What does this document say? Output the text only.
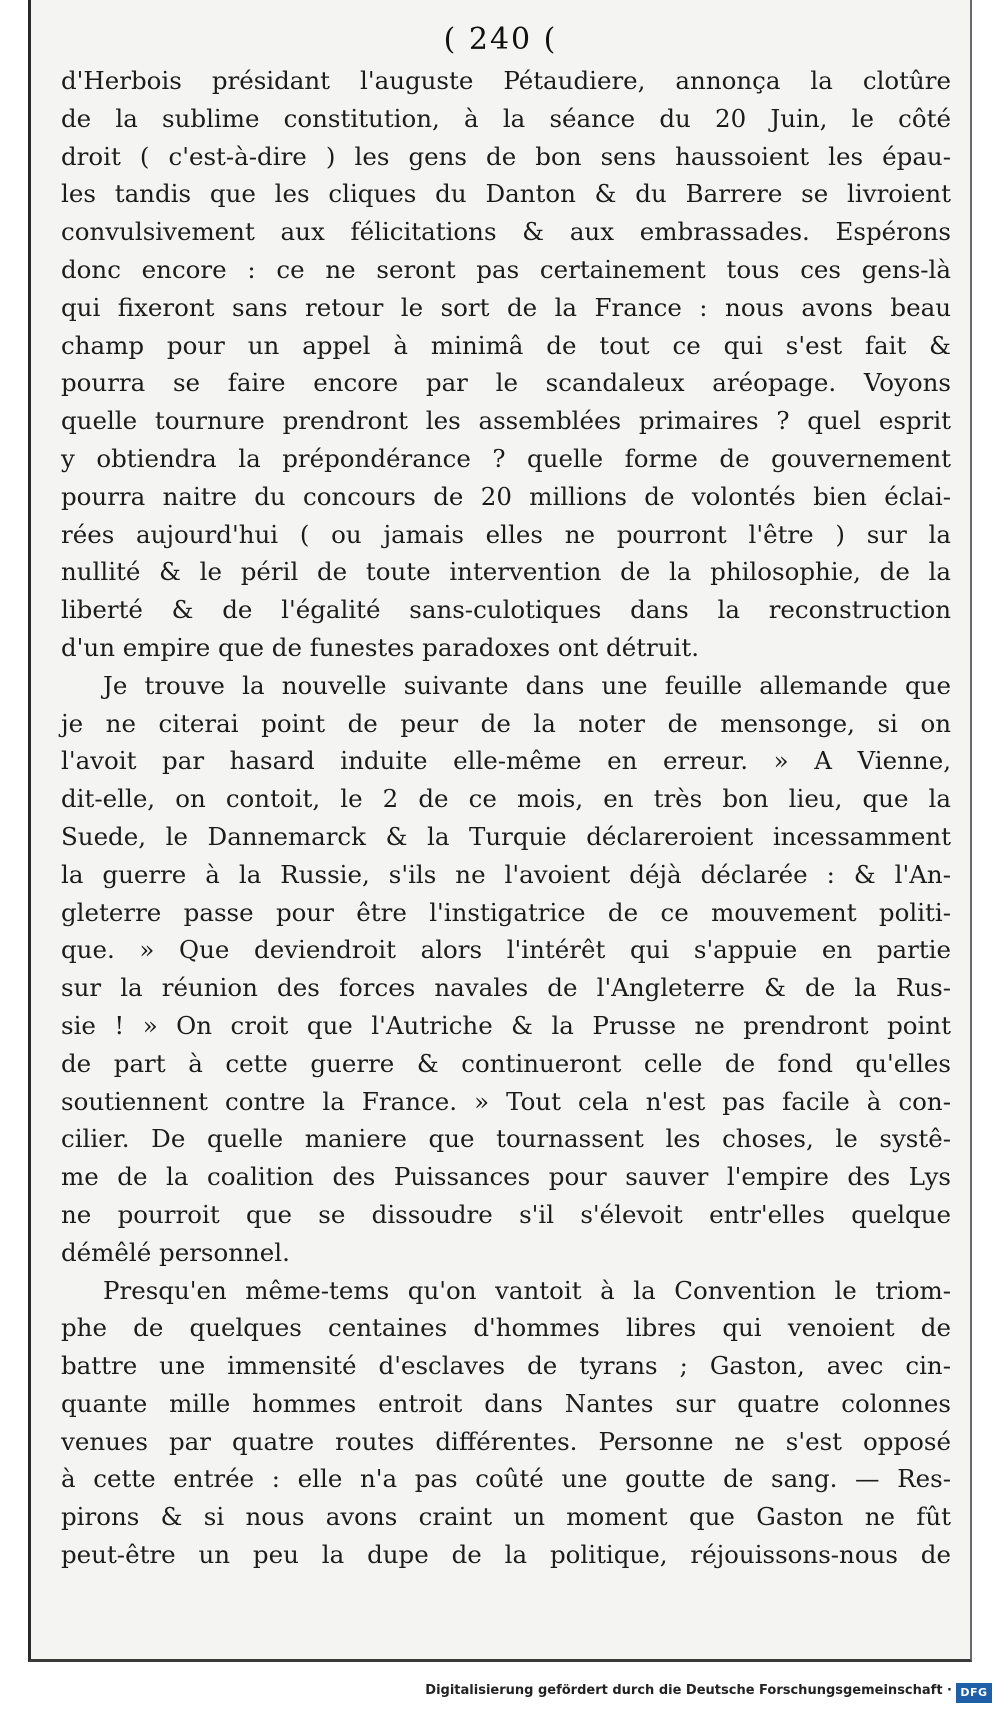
( 240 (
d'Herbois présidant l'auguste Pétaudiere, annonça la clotûre
de la sublime constitution, à la séance du 20 Juin, le côté
droit ( c'est-à-dire ) les gens de bon sens haussoient les épau-
les tandis que les cliques du Danton & du Barrere se livroient
convulsivement aux félicitations & aux embrassades. Espérons
donc encore : ce ne seront pas certainement tous ces gens-là
qui fixeront sans retour le sort de la France : nous avons beau
champ pour un appel à minimâ de tout ce qui s'est fait &
pourra se faire encore par le scandaleux aréopage. Voyons
quelle tournure prendront les assemblées primaires ? quel esprit
y obtiendra la prépondérance ? quelle forme de gouvernement
pourra naitre du concours de 20 millions de volontés bien éclai-
rées aujourd'hui ( ou jamais elles ne pourront l'être ) sur la
nullité & le péril de toute intervention de la philosophie, de la
liberté & de l'égalité sans-culotiques dans la reconstruction
d'un empire que de funestes paradoxes ont détruit.
Je trouve la nouvelle suivante dans une feuille allemande que
je ne citerai point de peur de la noter de mensonge, si on
l'avoit par hasard induite elle-même en erreur. » A Vienne,
dit-elle, on contoit, le 2 de ce mois, en très bon lieu, que la
Suede, le Dannemarck & la Turquie déclareroient incessamment
la guerre à la Russie, s'ils ne l'avoient déjà déclarée : & l'An-
gleterre passe pour être l'instigatrice de ce mouvement politi-
que. » Que deviendroit alors l'intérêt qui s'appuie en partie
sur la réunion des forces navales de l'Angleterre & de la Rus-
sie ! » On croit que l'Autriche & la Prusse ne prendront point
de part à cette guerre & continueront celle de fond qu'elles
soutiennent contre la France. » Tout cela n'est pas facile à con-
cilier. De quelle maniere que tournassent les choses, le systê-
me de la coalition des Puissances pour sauver l'empire des Lys
ne pourroit que se dissoudre s'il s'élevoit entr'elles quelque
démêlé personnel.
Presqu'en même-tems qu'on vantoit à la Convention le triom-
phe de quelques centaines d'hommes libres qui venoient de
battre une immensité d'esclaves de tyrans ; Gaston, avec cin-
quante mille hommes entroit dans Nantes sur quatre colonnes
venues par quatre routes différentes. Personne ne s'est opposé
à cette entrée : elle n'a pas coûté une goutte de sang. — Res-
pirons & si nous avons craint un moment que Gaston ne fût
peut-être un peu la dupe de la politique, réjouissons-nous de
Digitalisierung gefördert durch die Deutsche Forschungsgemeinschaft · DFG
